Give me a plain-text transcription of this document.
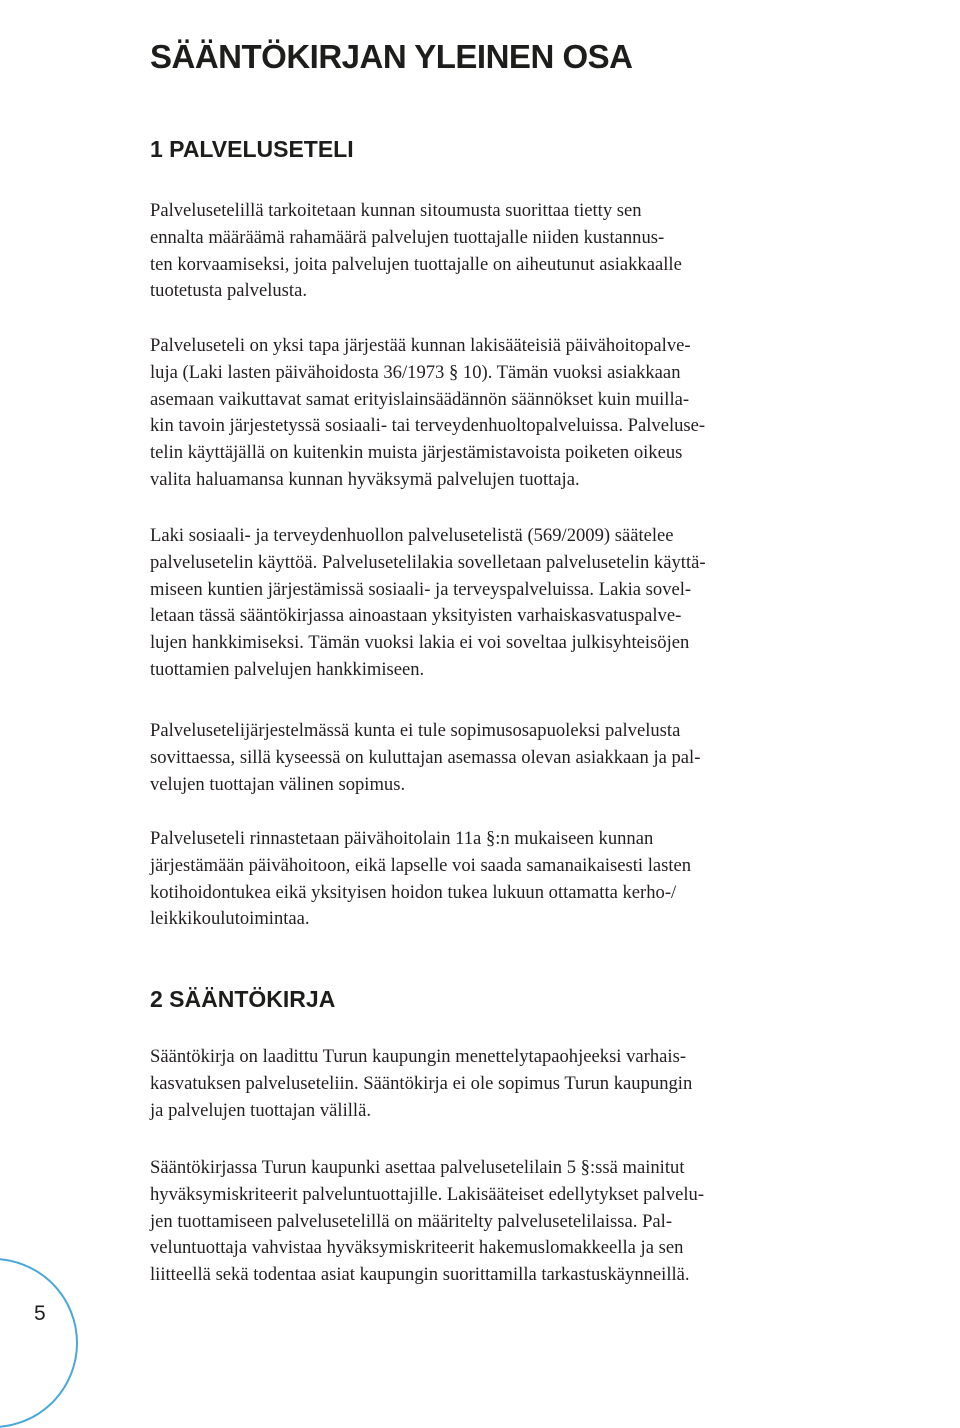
SÄÄNTÖKIRJAN YLEINEN OSA
1 PALVELUSETELI

Palvelusetelillä tarkoitetaan kunnan sitoumusta suorittaa tietty sen
ennalta määräämä rahamäärä palvelujen tuottajalle niiden kustannus-
ten korvaamiseksi, joita palvelujen tuottajalle on aiheutunut asiakkaalle
tuotetusta palvelusta.

Palveluseteli on yksi tapa järjestää kunnan lakisääteisiä päivähoitopalve-
luja (Laki lasten päivähoidosta 36/1973 § 10). Tämän vuoksi asiakkaan
asemaan vaikuttavat samat erityislainsäädännön säännökset kuin muilla-
kin tavoin järjestetyssä sosiaali- tai terveydenhuoltopalveluissa. Palveluse-
telin käyttäjällä on kuitenkin muista järjestämistavoista poiketen oikeus
valita haluamansa kunnan hyväksymä palvelujen tuottaja.

Laki sosiaali- ja terveydenhuollon palvelusetelistä (569/2009) säätelee
palvelusetelin käyttöä. Palvelusetelilakia sovelletaan palvelusetelin käyttä-
miseen kuntien järjestämissä sosiaali- ja terveyspalveluissa. Lakia sovel-
letaan tässä sääntökirjassa ainoastaan yksityisten varhaiskasvatuspalve-
lujen hankkimiseksi. Tämän vuoksi lakia ei voi soveltaa julkisyhteisöjen
tuottamien palvelujen hankkimiseen.

Palvelusetelijärjestelmässä kunta ei tule sopimusosapuoleksi palvelusta
sovittaessa, sillä kyseessä on kuluttajan asemassa olevan asiakkaan ja pal-
velujen tuottajan välinen sopimus.

Palveluseteli rinnastetaan päivähoitolain 11a §:n mukaiseen kunnan
järjestämään päivähoitoon, eikä lapselle voi saada samanaikaisesti lasten
kotihoidontukea eikä yksityisen hoidon tukea lukuun ottamatta kerho-/
leikkikoulutoimintaa.

2 SÄÄNTÖKIRJA

Sääntökirja on laadittu Turun kaupungin menettelytapaohjeeksi varhais-
kasvatuksen palveluseteliin. Sääntökirja ei ole sopimus Turun kaupungin
ja palvelujen tuottajan välillä.

Sääntökirjassa Turun kaupunki asettaa palvelusetelilain 5 §:ssä mainitut
hyväksymiskriteerit palveluntuottajille. Lakisääteiset edellytykset palvelu-
jen tuottamiseen palvelusetelillä on määritelty palvelusetelilaissa. Pal-
veluntuottaja vahvistaa hyväksymiskriteerit hakemuslomakkeella ja sen
liitteellä sekä todentaa asiat kaupungin suorittamilla tarkastuskäynneillä.

5
